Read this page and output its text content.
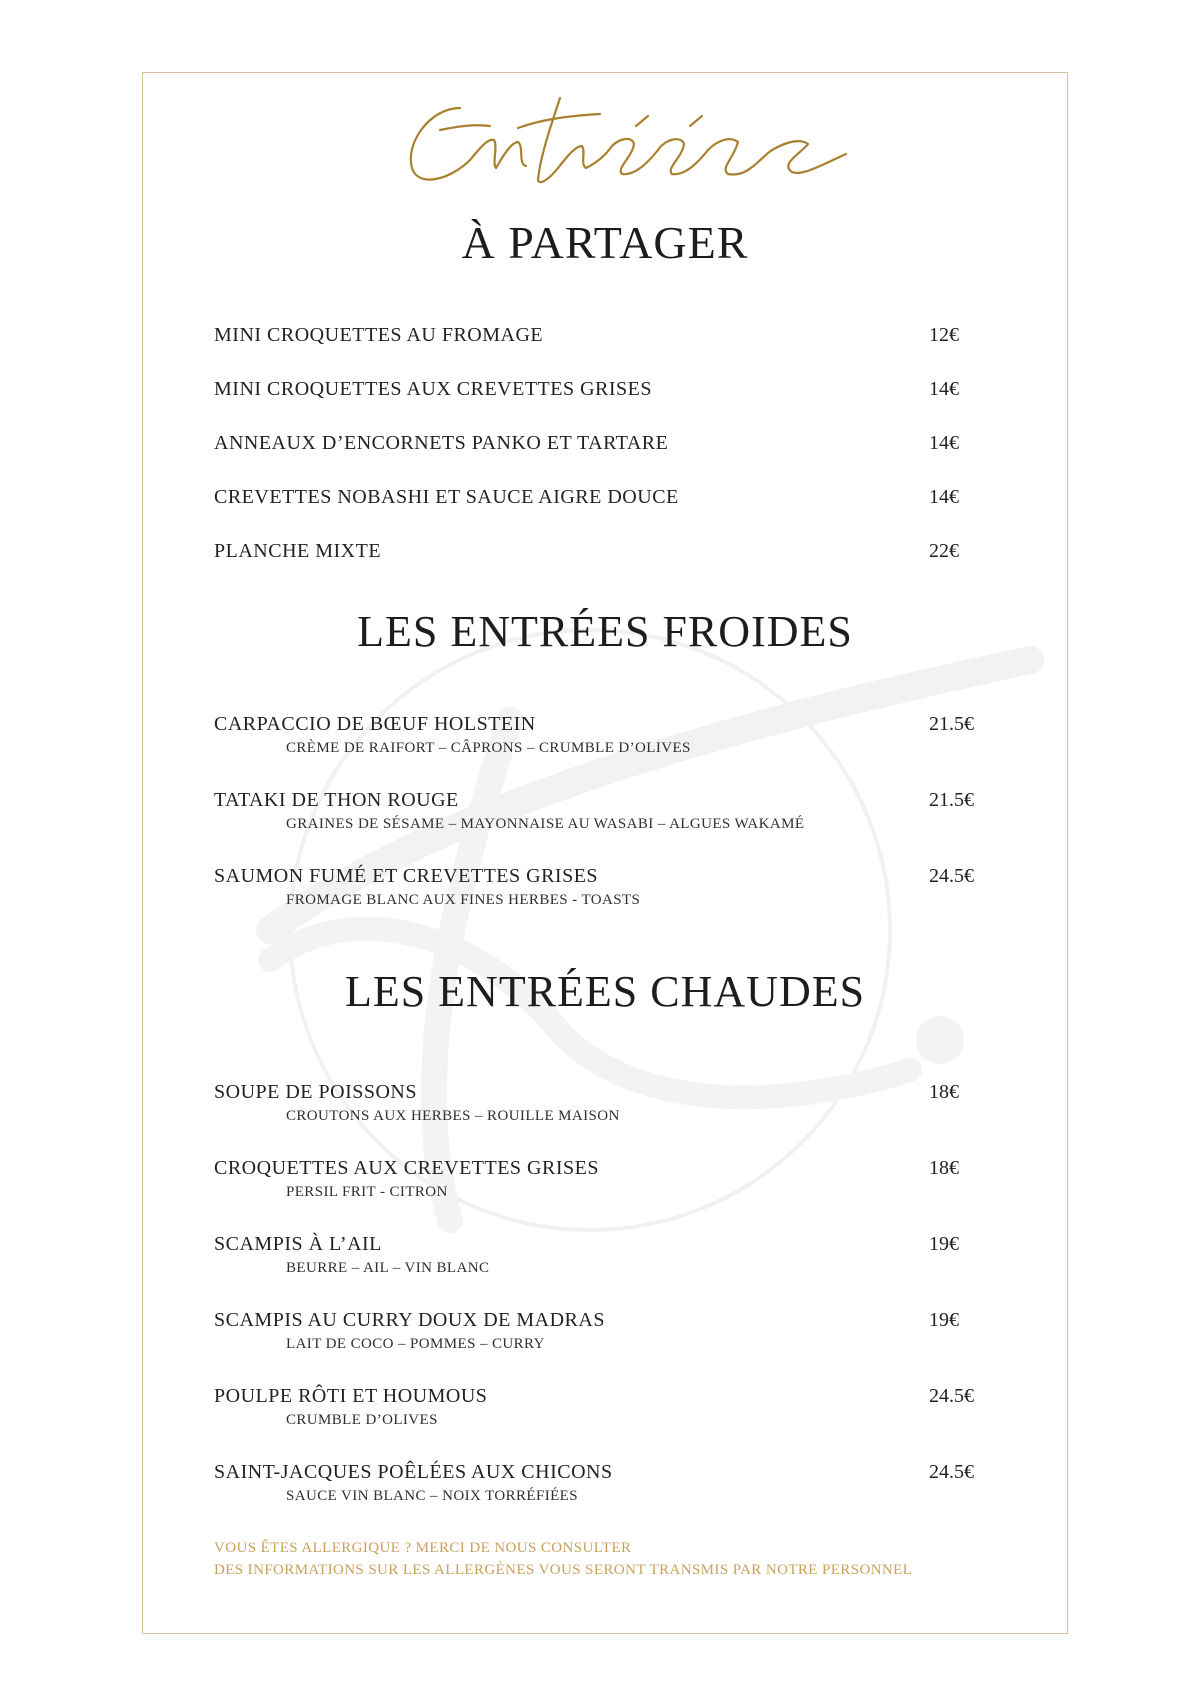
À PARTAGER
MINI CROQUETTES AU FROMAGE	12€
MINI CROQUETTES AUX CREVETTES GRISES	14€
ANNEAUX D’ENCORNETS PANKO ET TARTARE	14€
CREVETTES NOBASHI ET SAUCE AIGRE DOUCE	14€
PLANCHE MIXTE	22€
LES ENTRÉES FROIDES
CARPACCIO DE BŒUF HOLSTEIN
CRÈME DE RAIFORT – CÂPRONS – CRUMBLE D’OLIVES
21.5€
TATAKI DE THON ROUGE
GRAINES DE SÉSAME – MAYONNAISE AU WASABI – ALGUES WAKAMÉ
21.5€
SAUMON FUMÉ ET CREVETTES GRISES
FROMAGE BLANC AUX FINES HERBES - TOASTS
24.5€
LES ENTRÉES CHAUDES
SOUPE DE POISSONS
CROUTONS AUX HERBES – ROUILLE MAISON
18€
CROQUETTES AUX CREVETTES GRISES
PERSIL FRIT - CITRON
18€
SCAMPIS À L’AIL
BEURRE – AIL – VIN BLANC
19€
SCAMPIS AU CURRY DOUX DE MADRAS
LAIT DE COCO – POMMES – CURRY
19€
POULPE RÔTI ET HOUMOUS
CRUMBLE D’OLIVES
24.5€
SAINT-JACQUES POÊLÉES AUX CHICONS
SAUCE VIN BLANC – NOIX TORRÉFIÉES
24.5€
VOUS ÊTES ALLERGIQUE ? MERCI DE NOUS CONSULTER
DES INFORMATIONS SUR LES ALLERGÈNES VOUS SERONT TRANSMIS PAR NOTRE PERSONNEL
